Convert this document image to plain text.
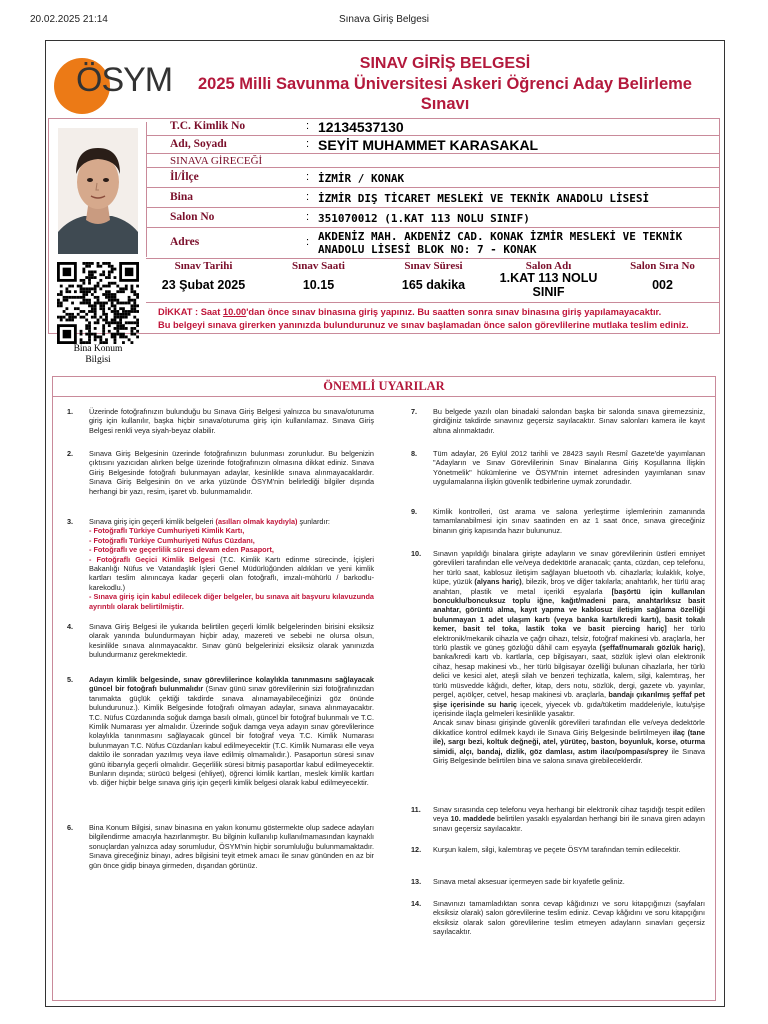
20.02.2025 21:14	Sınava Giriş Belgesi
ÖSYM	SINAV GİRİŞ BELGESİ
2025 Milli Savunma Üniversitesi Askeri Öğrenci Aday Belirleme
Sınavı
T.C. Kimlik No	: 12134537130
Adı, Soyadı	: SEYİT MUHAMMET KARASAKAL
SINAVA GİRECEĞİ
İl/İlçe	: İZMİR / KONAK
Bina	: İZMİR DIŞ TİCARET MESLEKİ VE TEKNİK ANADOLU LİSESİ
Salon No	: 351070012 (1.KAT 113 NOLU SINIF)
Adres	: AKDENİZ MAH. AKDENİZ CAD. KONAK İZMİR MESLEKİ VE TEKNİK
ANADOLU LİSESİ BLOK NO: 7 - KONAK
Sınav Tarihi	Sınav Saati	Sınav Süresi	Salon Adı	Salon Sıra No
23 Şubat 2025	10.15	165 dakika	1.KAT 113 NOLU
SINIF	002
DİKKAT : Saat 10.00'dan önce sınav binasına giriş yapınız. Bu saatten sonra sınav binasına giriş yapılamayacaktır.
Bu belgeyi sınava girerken yanınızda bulundurunuz ve sınav başlamadan önce salon görevlilerine mutlaka teslim ediniz.
Bina Konum
Bilgisi
ÖNEMLİ UYARILAR
1. Üzerinde fotoğrafınızın bulunduğu bu Sınava Giriş Belgesi yalnızca bu sınava/oturuma giriş için kullanılır, başka hiçbir sınava/oturuma giriş için kullanılamaz. Sınava Giriş Belgesi renkli veya siyah-beyaz olabilir.
2. Sınava Giriş Belgesinin üzerinde fotoğrafınızın bulunması zorunludur. Bu belgenizin çıktısını yazıcıdan alırken belge üzerinde fotoğrafınızın olmasına dikkat ediniz. Sınava Giriş Belgesinde fotoğrafı bulunmayan adaylar, kesinlikle sınava alınmayacaklardır. Sınava Giriş Belgesinin ön ve arka yüzünde ÖSYM'nin belirlediği bilgiler dışında herhangi bir yazı, resim, işaret vb. bulunmamalıdır.
3. Sınava giriş için geçerli kimlik belgeleri (asılları olmak kaydıyla) şunlardır:
- Fotoğraflı Türkiye Cumhuriyeti Kimlik Kartı,
- Fotoğraflı Türkiye Cumhuriyeti Nüfus Cüzdanı,
- Fotoğraflı ve geçerlilik süresi devam eden Pasaport,
- Fotoğraflı Geçici Kimlik Belgesi (T.C. Kimlik Kartı edinme sürecinde, İçişleri Bakanlığı Nüfus ve Vatandaşlık İşleri Genel Müdürlüğünden aldıkları ve yeni kimlik kartları teslim alınıncaya kadar geçerli olan fotoğraflı, imzalı-mühürlü / barkodlu-karekodlu.)
- Sınava giriş için kabul edilecek diğer belgeler, bu sınava ait başvuru kılavuzunda ayrıntılı olarak belirtilmiştir.
4. Sınava Giriş Belgesi ile yukarıda belirtilen geçerli kimlik belgelerinden birisini eksiksiz olarak yanında bulundurmayan hiçbir aday, mazereti ve sebebi ne olursa olsun, kesinlikle sınava alınmayacaktır. Sınav günü belgelerinizi eksiksiz olarak yanınızda bulundurmanız gerekmektedir.
5. Adayın kimlik belgesinde, sınav görevlilerince kolaylıkla tanınmasını sağlayacak güncel bir fotoğrafı bulunmalıdır (Sınav günü sınav görevlilerinin sizi fotoğrafınızdan tanımakta güçlük çektiği takdirde sınava alınamayabileceğinizi göz önünde bulundurunuz.). Kimlik Belgesinde fotoğrafı olmayan adaylar, sınava alınmayacaktır. T.C. Nüfus Cüzdanında soğuk damga basılı olmalı, güncel bir fotoğraf bulunmalı ve T.C. Kimlik Numarası yer almalıdır. Üzerinde soğuk damga veya adayın sınav görevlilerince kolaylıkla tanınmasını sağlayacak güncel bir fotoğraf veya T.C. Kimlik Numarası bulunmayan T.C. Nüfus Cüzdanları kabul edilmeyecektir (T.C. Kimlik Numarası elle veya daktilo ile sonradan yazılmış veya ilave edilmiş olmamalıdır.). Pasaportun süresi sınav günü itibarıyla geçerli olmalıdır. Geçerlilik süresi bitmiş pasaportlar kabul edilmeyecektir. Bunların dışında; sürücü belgesi (ehliyet), öğrenci kimlik kartları, meslek kimlik kartları vb. diğer hiçbir belge sınava giriş için geçerli kimlik belgesi olarak kabul edilmeyecektir.
6. Bina Konum Bilgisi, sınav binasına en yakın konumu göstermekte olup sadece adayları bilgilendirme amacıyla hazırlanmıştır. Bu bilginin kullanılıp kullanılmamasından kaynaklı sonuçlardan yalnızca aday sorumludur, ÖSYM'nin hiçbir sorumluluğu bulunmamaktadır. Sınava gireceğiniz binayı, adres bilgisini teyit etmek amacı ile sınav gününden en az bir gün önce gidip binaya girmeden, dışarıdan görünüz.
7. Bu belgede yazılı olan binadaki salondan başka bir salonda sınava giremezsiniz, girdiğiniz takdirde sınavınız geçersiz sayılacaktır. Sınav salonları kamera ile kayıt altına alınmaktadır.
8. Tüm adaylar, 26 Eylül 2012 tarihli ve 28423 sayılı Resmî Gazete'de yayımlanan "Adayların ve Sınav Görevlilerinin Sınav Binalarına Giriş Koşullarına İlişkin Yönetmelik" hükümlerine ve ÖSYM'nin internet adresinden yayımlanan sınav uygulamalarına ilişkin güvenlik tedbirlerine uymak zorundadır.
9. Kimlik kontrolleri, üst arama ve salona yerleştirme işlemlerinin zamanında tamamlanabilmesi için sınav saatinden en az 1 saat önce, sınava gireceğiniz binanın giriş kapısında hazır bulununuz.
10. Sınavın yapıldığı binalara girişte adayların ve sınav görevlilerinin üstleri emniyet görevlileri tarafından elle ve/veya dedektörle aranacak; çanta, cüzdan, cep telefonu, her türlü saat, kablosuz iletişim sağlayan bluetooth vb. cihazlarla; kulaklık, kolye, küpe, yüzük (alyans hariç), bilezik, broş ve diğer takılarla; anahtarlık, her türlü araç anahtarı, plastik ve metal içerikli eşyalarla [başörtü için kullanılan boncuklu/boncuksuz toplu iğne, kağıt/madeni para, anahtarlıksız basit anahtar, görüntü alma, kayıt yapma ve kablosuz iletişim sağlama özelliği bulunmayan 1 adet ulaşım kartı (veya banka kartı/kredi kartı), basit tokalı kemer, basit tel toka, lastik toka ve basit piercing hariç] her türlü elektronik/mekanik cihazla ve çağrı cihazı, telsiz, fotoğraf makinesi vb. araçlarla, her türlü plastik ve güneş gözlüğü dâhil cam eşyayla (şeffaf/numaralı gözlük hariç), banka/kredi kartı vb. kartlarla, cep bilgisayarı, saat, sözlük işlevi olan elektronik cihaz, hesap makinesi vb., her türlü bilgisayar özelliği bulunan cihazlarla, her türlü delici ve kesici alet, ateşli silah ve benzeri teçhizatla, kalem, silgi, kalemtıraş, her türlü müsvedde kâğıdı, defter, kitap, ders notu, sözlük, dergi, gazete vb. yayınlar, pergel, açıölçer, cetvel, hesap makinesi vb. araçlarla, bandajı çıkarılmış şeffaf pet şişe içerisinde su hariç içecek, yiyecek vb. gıda/tüketim maddeleriyle, kutu/şişe içerisinde ilaçla gelmeleri kesinlikle yasaktır.
Ancak sınav binası girişinde güvenlik görevlileri tarafından elle ve/veya dedektörle dikkatlice kontrol edilmek kaydı ile Sınava Giriş Belgesinde belirtilmeyen ilaç (tane ile), sargı bezi, koltuk değneği, atel, yürüteç, baston, boyunluk, korse, oturma simidi, alçı, bandaj, dizlik, göz damlası, astım ilacı/pompası/sprey ile Sınava Giriş Belgesinde belirtilen bina ve salona sınava girebileceklerdir.
11. Sınav sırasında cep telefonu veya herhangi bir elektronik cihaz taşıdığı tespit edilen veya 10. maddede belirtilen yasaklı eşyalardan herhangi biri ile sınava giren adayın sınavı geçersiz sayılacaktır.
12. Kurşun kalem, silgi, kalemtıraş ve peçete ÖSYM tarafından temin edilecektir.
13. Sınava metal aksesuar içermeyen sade bir kıyafetle geliniz.
14. Sınavınızı tamamladıktan sonra cevap kâğıdınızı ve soru kitapçığınızı (sayfaları eksiksiz olarak) salon görevlilerine teslim ediniz. Cevap kâğıdını ve soru kitapçığını eksiksiz olarak salon görevlilerine teslim etmeyen adayların sınavları geçersiz sayılacaktır.
